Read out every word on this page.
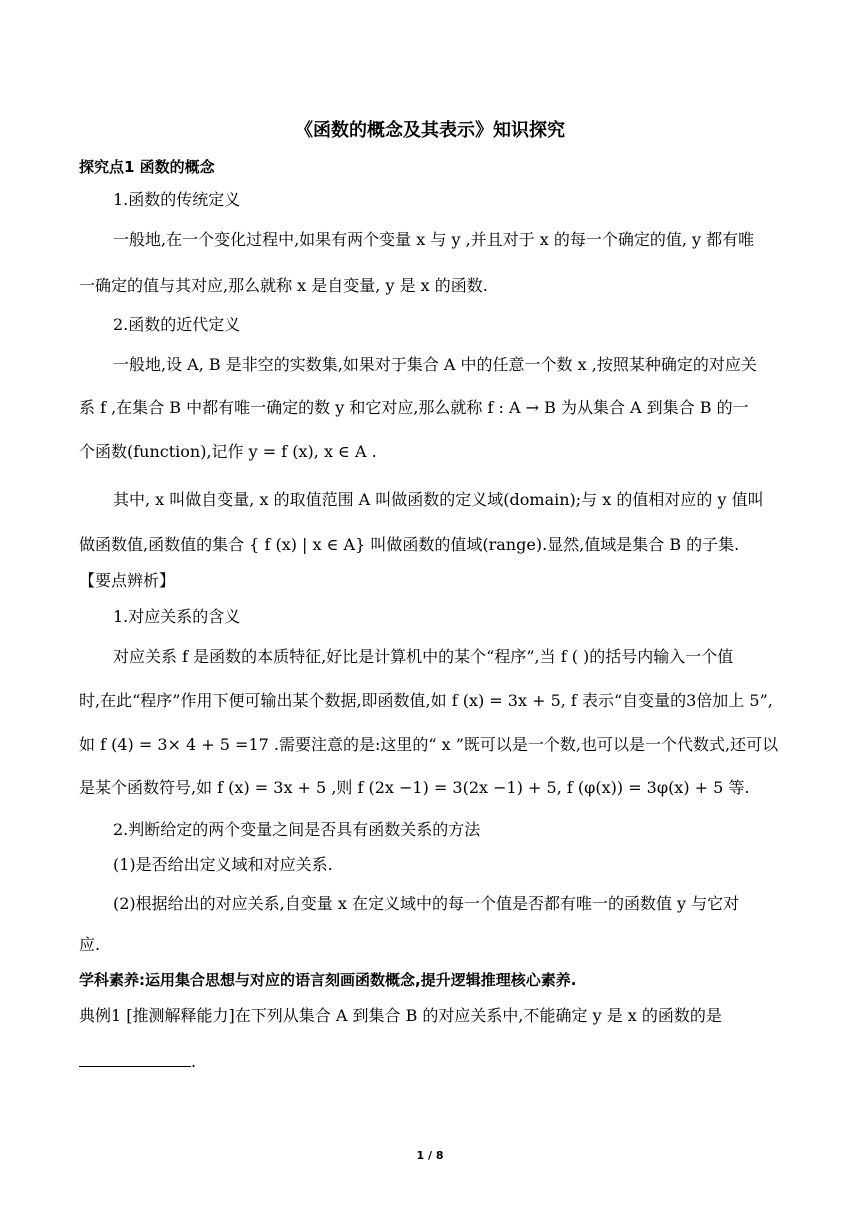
《函数的概念及其表示》知识探究
探究点1 函数的概念
1.函数的传统定义
一般地,在一个变化过程中,如果有两个变量 x 与 y ,并且对于 x 的每一个确定的值, y 都有唯
一确定的值与其对应,那么就称 x 是自变量, y 是 x 的函数.
2.函数的近代定义
一般地,设 A, B 是非空的实数集,如果对于集合 A 中的任意一个数 x ,按照某种确定的对应关
系 f ,在集合 B 中都有唯一确定的数 y 和它对应,那么就称 f : A → B 为从集合 A 到集合 B 的一
个函数(function),记作 y = f (x), x ∈ A .
其中, x 叫做自变量, x 的取值范围 A 叫做函数的定义域(domain);与 x 的值相对应的 y 值叫
做函数值,函数值的集合 { f (x) | x ∈ A} 叫做函数的值域(range).显然,值域是集合 B 的子集.
【要点辨析】
1.对应关系的含义
对应关系 f 是函数的本质特征,好比是计算机中的某个“程序”,当 f ( )的括号内输入一个值
时,在此“程序”作用下便可输出某个数据,即函数值,如 f (x) = 3x + 5, f 表示“自变量的3倍加上 5”,
如 f (4) = 3× 4 + 5 =17 .需要注意的是:这里的“ x ”既可以是一个数,也可以是一个代数式,还可以
是某个函数符号,如 f (x) = 3x + 5 ,则 f (2x −1) = 3(2x −1) + 5, f (φ(x)) = 3φ(x) + 5 等.
2.判断给定的两个变量之间是否具有函数关系的方法
(1)是否给出定义域和对应关系.
(2)根据给出的对应关系,自变量 x 在定义域中的每一个值是否都有唯一的函数值 y 与它对
应.
学科素养:运用集合思想与对应的语言刻画函数概念,提升逻辑推理核心素养.
典例1 [推测解释能力]在下列从集合 A 到集合 B 的对应关系中,不能确定 y 是 x 的函数的是
.
1 / 8
